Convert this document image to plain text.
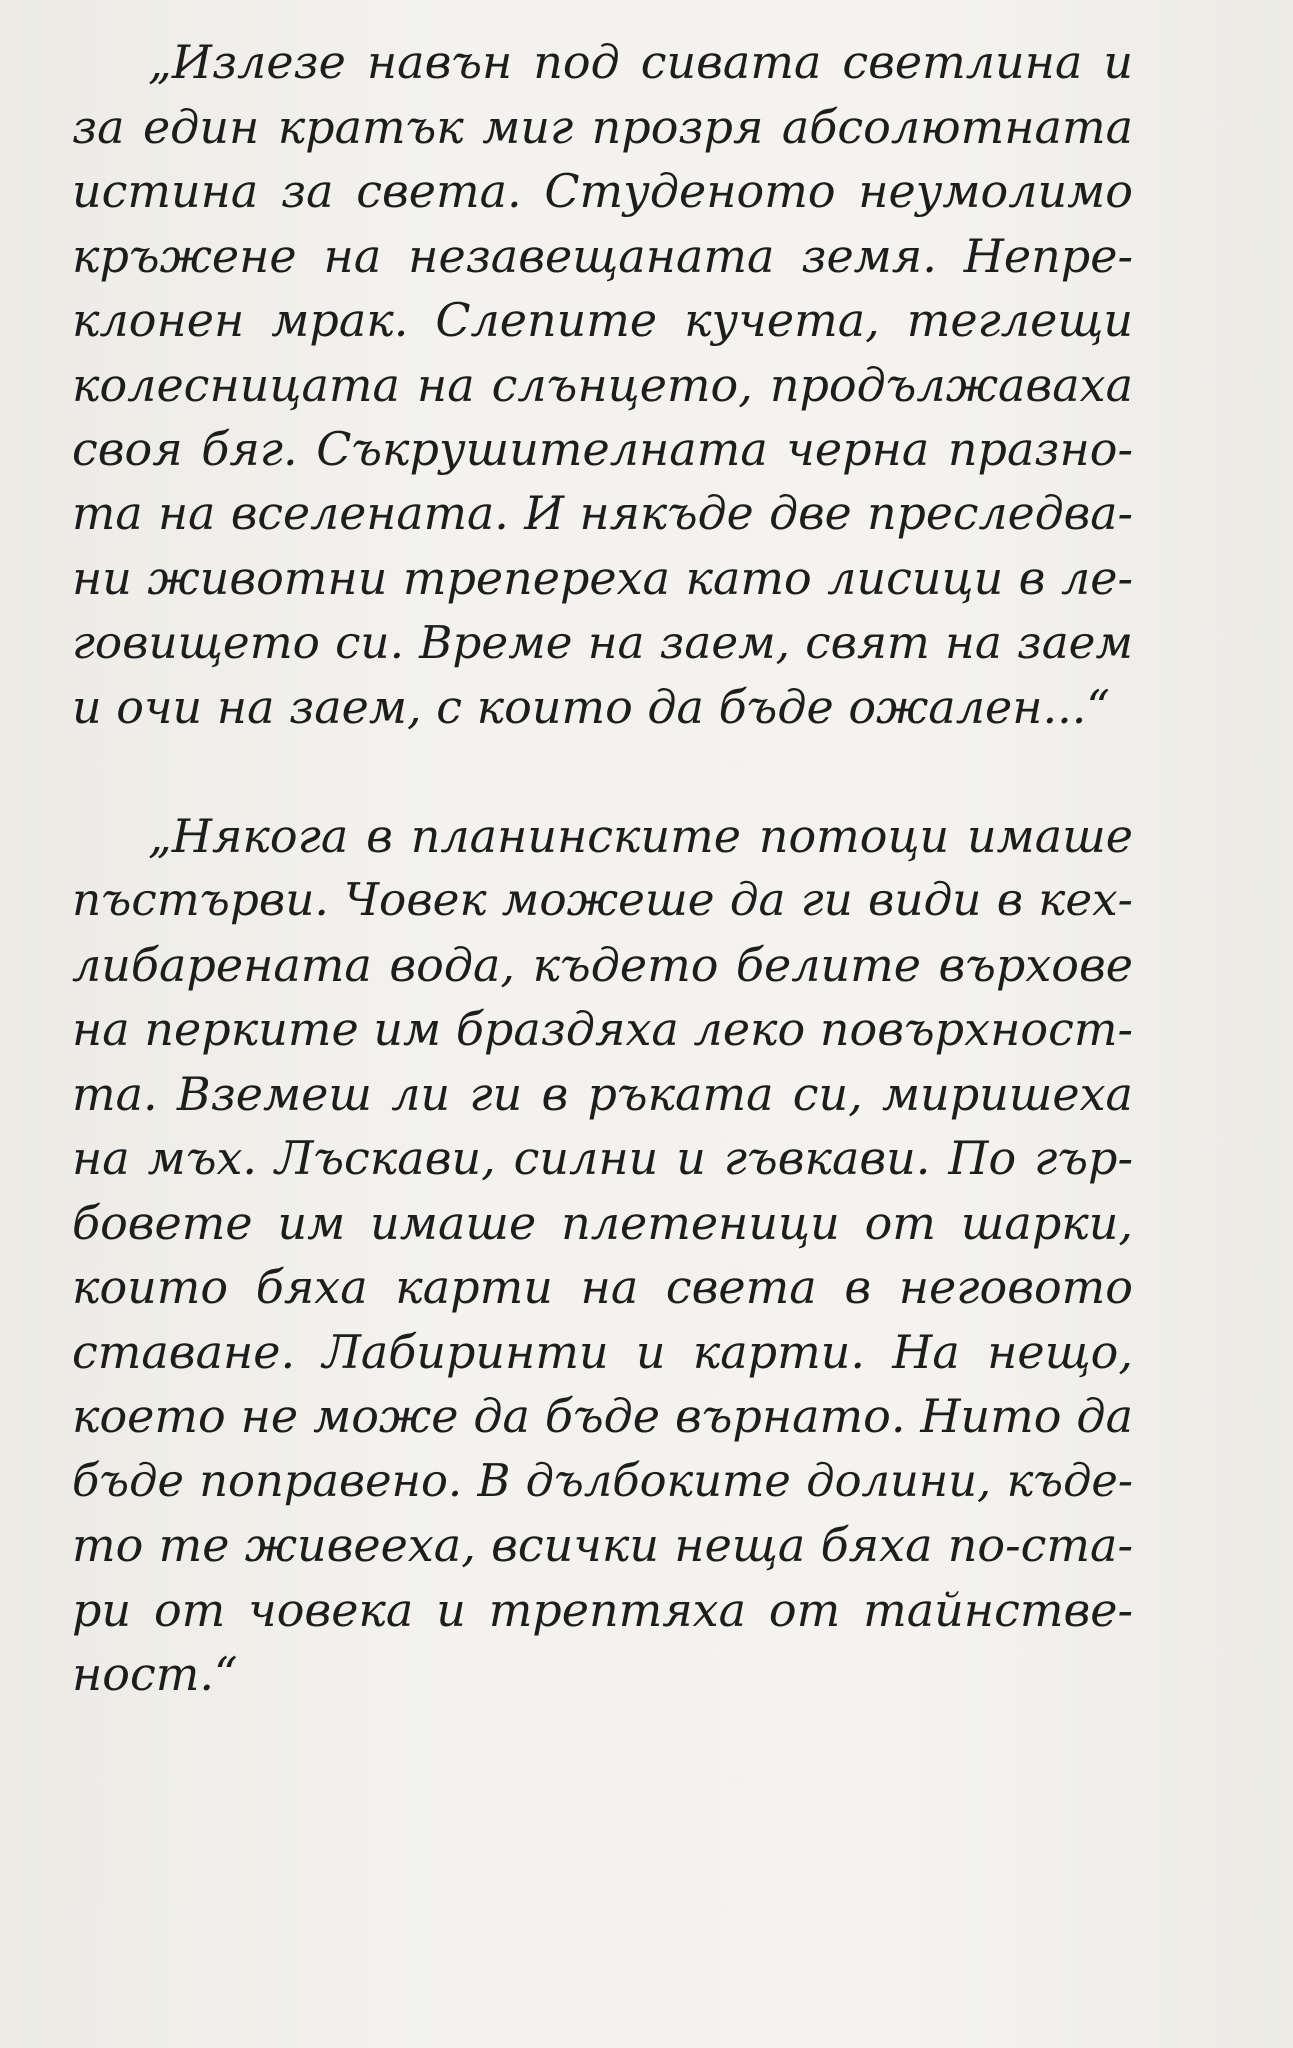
„Излезе навън под сивата светлина и
за един кратък миг прозря абсолютната
истина за света. Студеното неумолимо
кръжене на незавещаната земя. Непре-
клонен мрак. Слепите кучета, теглещи
колесницата на слънцето, продължаваха
своя бяг. Съкрушителната черна празно-
та на вселената. И някъде две преследва-
ни животни трепереха като лисици в ле-
говището си. Време на заем, свят на заем
и очи на заем, с които да бъде ожален...“
„Някога в планинските потоци имаше
пъстърви. Човек можеше да ги види в кех-
либарената вода, където белите върхове
на перките им браздяха леко повърхност-
та. Вземеш ли ги в ръката си, миришеха
на мъх. Лъскави, силни и гъвкави. По гър-
бовете им имаше плетеници от шарки,
които бяха карти на света в неговото
ставане. Лабиринти и карти. На нещо,
което не може да бъде върнато. Нито да
бъде поправено. В дълбоките долини, къде-
то те живееха, всички неща бяха по-ста-
ри от човека и трептяха от тайнстве-
ност.“
